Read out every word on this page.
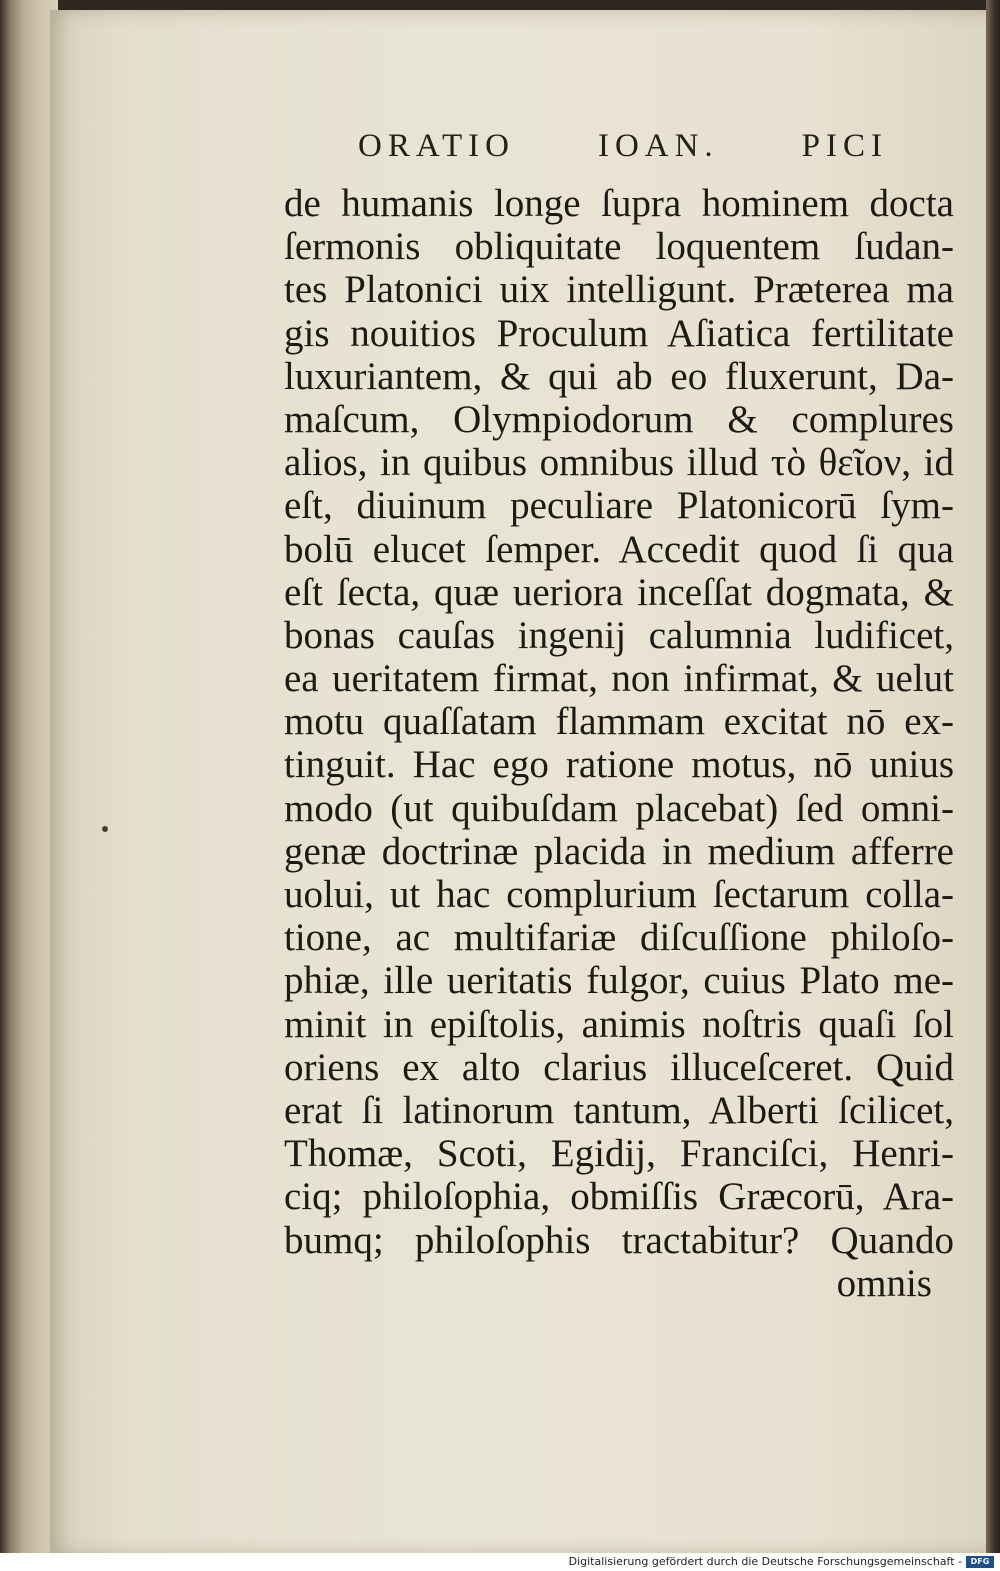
ORATIO	IOAN.	PICI
de humanis longe ſupra hominem docta
ſermonis obliquitate loquentem ſudan-
tes Platonici uix intelligunt. Præterea ma
gis nouitios Proculum Aſiatica fertilitate
luxuriantem, & qui ab eo fluxerunt, Da-
maſcum, Olympiodorum & complures
alios, in quibus omnibus illud τὸ θεῖον, id
eſt, diuinum peculiare Platonicorū ſym-
bolū elucet ſemper. Accedit quod ſi qua
eſt ſecta, quæ ueriora inceſſat dogmata, &
bonas cauſas ingenij calumnia ludificet,
ea ueritatem firmat, non infirmat, & uelut
motu quaſſatam flammam excitat nō ex-
tinguit. Hac ego ratione motus, nō unius
modo (ut quibuſdam placebat) ſed omni-
genæ doctrinæ placida in medium afferre
uolui, ut hac complurium ſectarum colla-
tione, ac multifariæ diſcuſſione philoſo-
phiæ, ille ueritatis fulgor, cuius Plato me-
minit in epiſtolis, animis noſtris quaſi ſol
oriens ex alto clarius illuceſceret. Quid
erat ſi latinorum tantum, Alberti ſcilicet,
Thomæ, Scoti, Egidij, Franciſci, Henri-
ciq; philoſophia, obmiſſis Græcorū, Ara-
bumq; philoſophis tractabitur? Quando
omnis
Digitalisierung gefördert durch die Deutsche Forschungsgemeinschaft -	DFG
